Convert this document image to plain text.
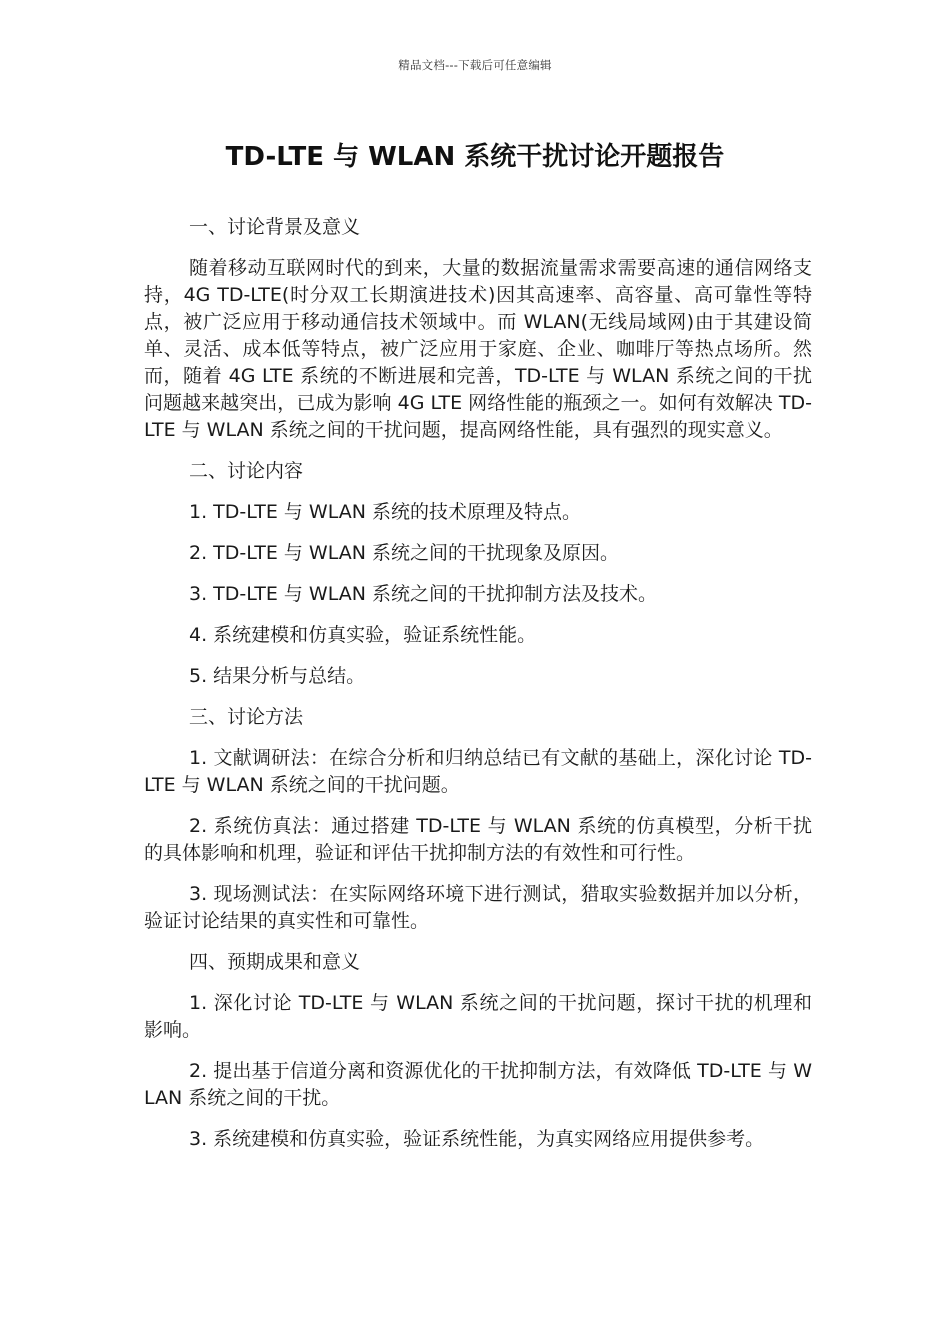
精品文档---下载后可任意编辑
TD-LTE 与 WLAN 系统干扰讨论开题报告

一、讨论背景及意义

随着移动互联网时代的到来，大量的数据流量需求需要高速的通信网络支持，4G TD-LTE(时分双工长期演进技术)因其高速率、高容量、高可靠性等特点，被广泛应用于移动通信技术领域中。而 WLAN(无线局域网)由于其建设简单、灵活、成本低等特点，被广泛应用于家庭、企业、咖啡厅等热点场所。然而，随着 4G LTE 系统的不断进展和完善，TD-LTE 与 WLAN 系统之间的干扰问题越来越突出，已成为影响 4G LTE 网络性能的瓶颈之一。如何有效解决 TD-LTE 与 WLAN 系统之间的干扰问题，提高网络性能，具有强烈的现实意义。

二、讨论内容

1. TD-LTE 与 WLAN 系统的技术原理及特点。

2. TD-LTE 与 WLAN 系统之间的干扰现象及原因。

3. TD-LTE 与 WLAN 系统之间的干扰抑制方法及技术。

4. 系统建模和仿真实验，验证系统性能。

5. 结果分析与总结。

三、讨论方法

1. 文献调研法：在综合分析和归纳总结已有文献的基础上，深化讨论 TD-LTE 与 WLAN 系统之间的干扰问题。

2. 系统仿真法：通过搭建 TD-LTE 与 WLAN 系统的仿真模型，分析干扰的具体影响和机理，验证和评估干扰抑制方法的有效性和可行性。

3. 现场测试法：在实际网络环境下进行测试，猎取实验数据并加以分析，验证讨论结果的真实性和可靠性。

四、预期成果和意义

1. 深化讨论 TD-LTE 与 WLAN 系统之间的干扰问题，探讨干扰的机理和影响。

2. 提出基于信道分离和资源优化的干扰抑制方法，有效降低 TD-LTE 与 WLAN 系统之间的干扰。

3. 系统建模和仿真实验，验证系统性能，为真实网络应用提供参考。
